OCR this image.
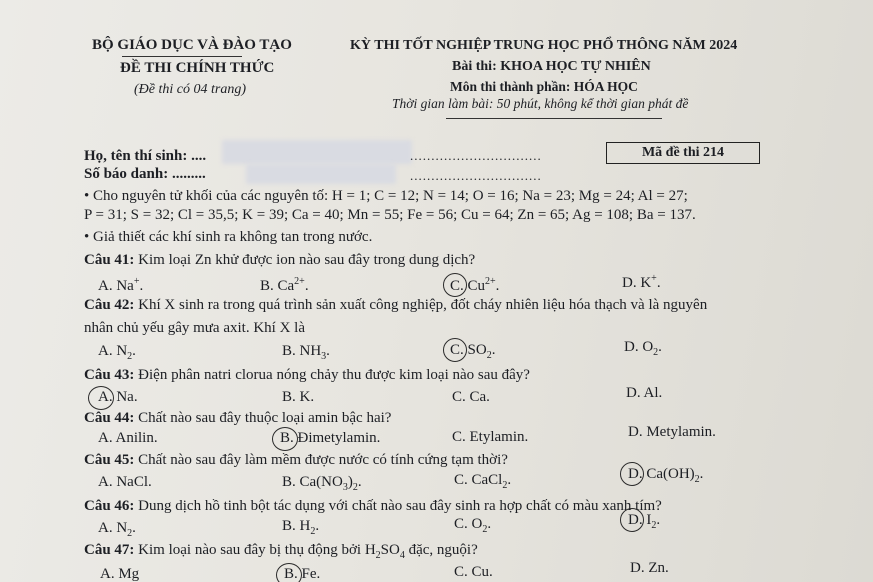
BỘ GIÁO DỤC VÀ ĐÀO TẠO
ĐỀ THI CHÍNH THỨC
(Đề thi có 04 trang)
KỲ THI TỐT NGHIỆP TRUNG HỌC PHỔ THÔNG NĂM 2024
Bài thi: KHOA HỌC TỰ NHIÊN
Môn thi thành phần: HÓA HỌC
Thời gian làm bài: 50 phút, không kể thời gian phát đề
Họ, tên thí sinh: ....	...............................
Số báo danh: .........	...............................
Mã đề thi 214
• Cho nguyên tử khối của các nguyên tố: H = 1; C = 12; N = 14; O = 16; Na = 23; Mg = 24; Al = 27;
P = 31; S = 32; Cl = 35,5; K = 39; Ca = 40; Mn = 55; Fe = 56; Cu = 64; Zn = 65; Ag = 108; Ba = 137.
• Giả thiết các khí sinh ra không tan trong nước.
Câu 41: Kim loại Zn khử được ion nào sau đây trong dung dịch?
A. Na+.	B. $Ca^{2+}$.	C. $Cu^{2+}$.	D. K+.
Câu 42: Khí X sinh ra trong quá trình sản xuất công nghiệp, đốt cháy nhiên liệu hóa thạch và là nguyên
nhân chủ yếu gây mưa axit. Khí X là
A. $N_2$.	B. $NH_3$.	C. $SO_2$.	D. $O_2$.
Câu 43: Điện phân natri clorua nóng chảy thu được kim loại nào sau đây?
A. Na.	B. K.	C. Ca.	D. Al.
Câu 44: Chất nào sau đây thuộc loại amin bậc hai?
A. Anilin.	B. Đimetylamin.	C. Etylamin.	D. Metylamin.
Câu 45: Chất nào sau đây làm mềm được nước có tính cứng tạm thời?
A. NaCl.	B. $Ca(NO_3)_2$.	C. CaCl$_2$.	D. $Ca(OH)_2$.
Câu 46: Dung dịch hồ tinh bột tác dụng với chất nào sau đây sinh ra hợp chất có màu xanh tím?
A. $N_2$.	B. $H_2$.	C. $O_2$.	D. $I_2$.
Câu 47: Kim loại nào sau đây bị thụ động bởi $H_2SO_4$ đặc, nguội?
A. Mg	B. Fe.	C. Cu.	D. Zn.
